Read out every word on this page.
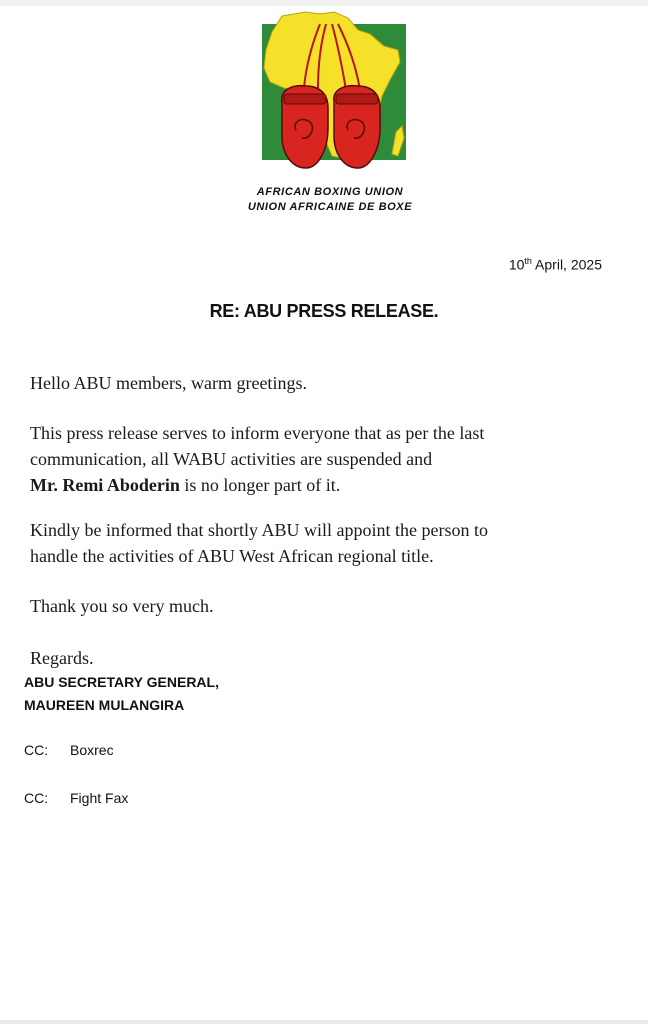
AFRICAN BOXING UNION
UNION AFRICAINE DE BOXE
10th April, 2025
RE: ABU PRESS RELEASE.
Hello ABU members, warm greetings.
This press release serves to inform everyone that as per the last
communication, all WABU activities are suspended and
Mr. Remi Aboderin is no longer part of it.
Kindly be informed that shortly ABU will appoint the person to
handle the activities of ABU West African regional title.
Thank you so very much.
Regards.
ABU SECRETARY GENERAL,
MAUREEN MULANGIRA
CC: Boxrec
CC: Fight Fax
